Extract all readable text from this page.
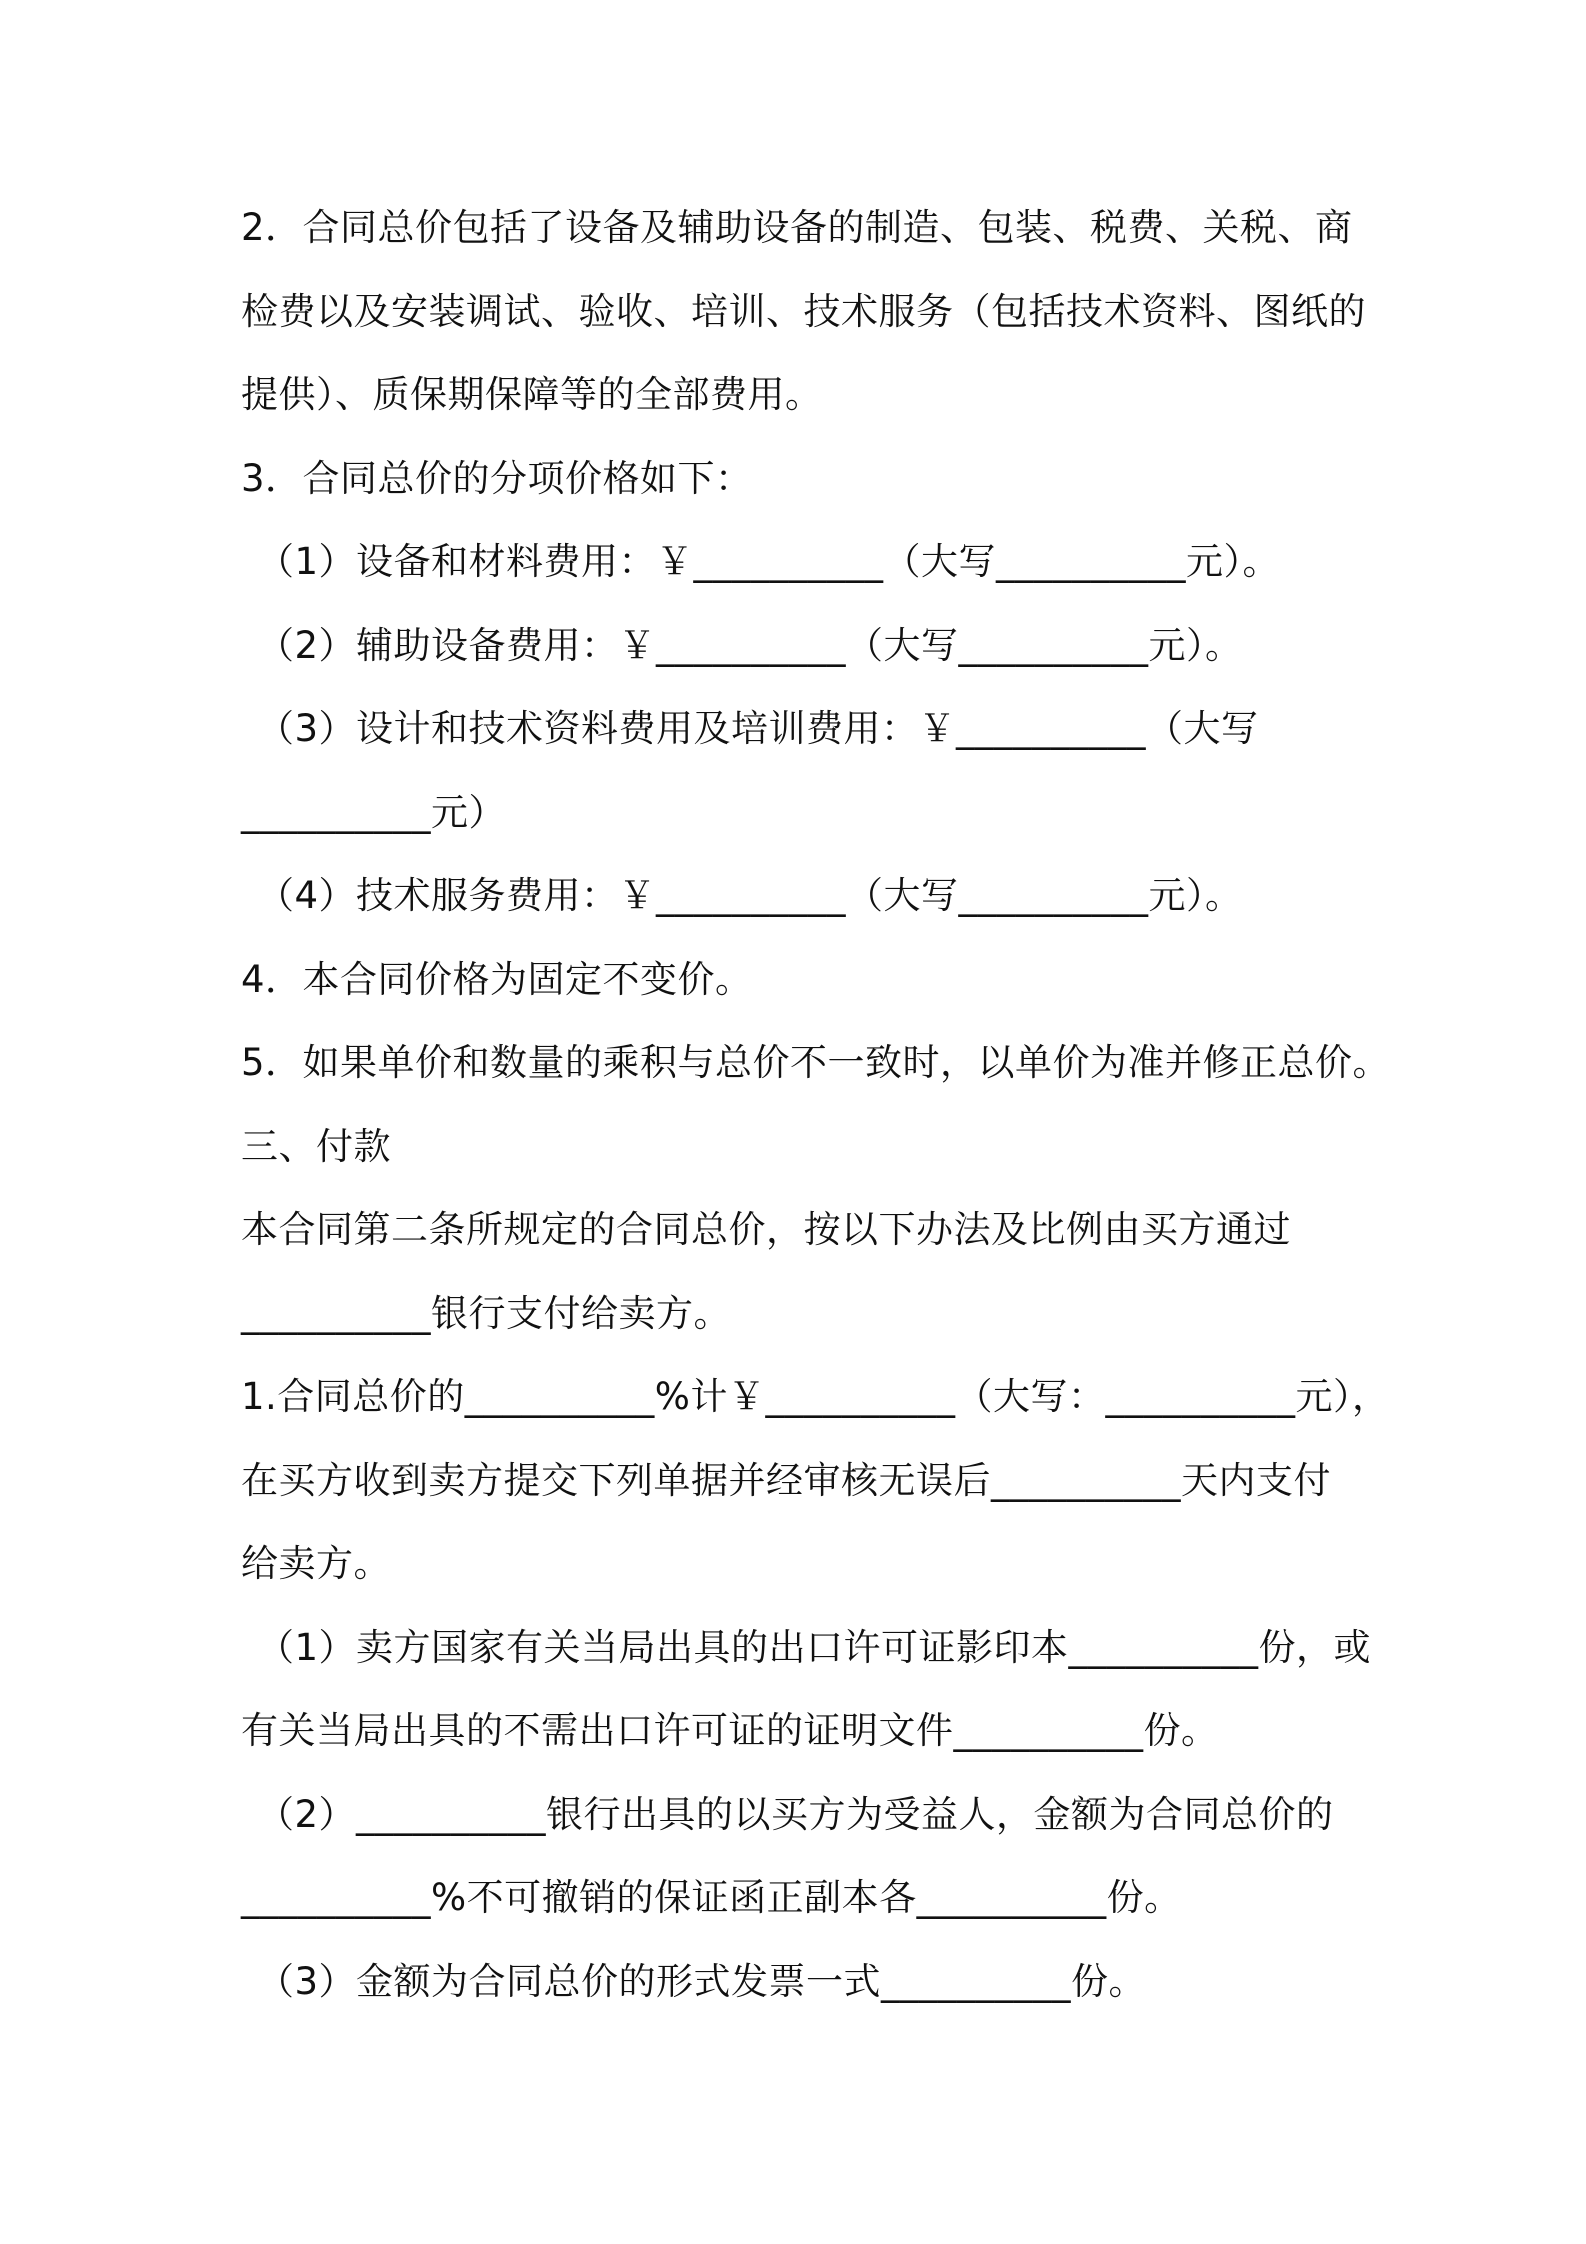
2．合同总价包括了设备及辅助设备的制造、包装、税费、关税、商
检费以及安装调试、验收、培训、技术服务（包括技术资料、图纸的
提供）、质保期保障等的全部费用。
3．合同总价的分项价格如下：
（1）设备和材料费用：￥__________（大写__________元）。
（2）辅助设备费用：￥__________（大写__________元）。
（3）设计和技术资料费用及培训费用：￥__________（大写
__________元）
（4）技术服务费用：￥__________（大写__________元）。
4．本合同价格为固定不变价。
5．如果单价和数量的乘积与总价不一致时，以单价为准并修正总价。
三、付款
本合同第二条所规定的合同总价，按以下办法及比例由买方通过
__________银行支付给卖方。
1.合同总价的__________%计￥__________（大写：__________元），
在买方收到卖方提交下列单据并经审核无误后__________天内支付
给卖方。
（1）卖方国家有关当局出具的出口许可证影印本__________份，或
有关当局出具的不需出口许可证的证明文件__________份。
（2）__________银行出具的以买方为受益人，金额为合同总价的
__________%不可撤销的保证函正副本各__________份。
（3）金额为合同总价的形式发票一式__________份。
